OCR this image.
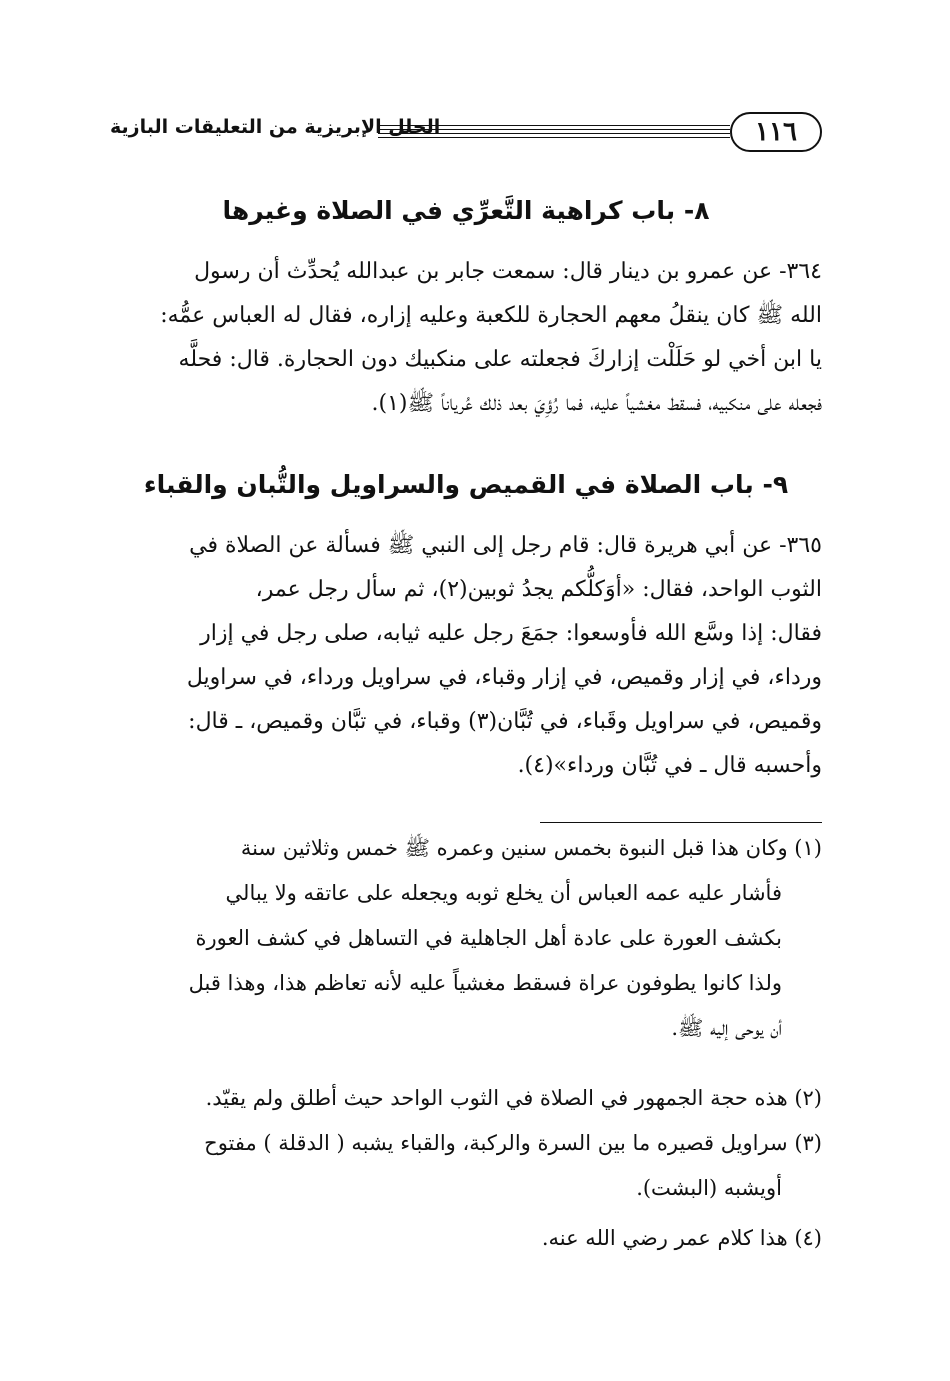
١١٦
الحلل الإبريزية من التعليقات البازية
٨- باب كراهية التَّعرِّي في الصلاة وغيرها
٣٦٤- عن عمرو بن دينار قال: سمعت جابر بن عبدالله يُحدِّث أن رسول
الله ﷺ كان ينقلُ معهم الحجارة للكعبة وعليه إزاره، فقال له العباس عمُّه:
يا ابن أخي لو حَلَلْت إزاركَ فجعلته على منكبيك دون الحجارة. قال: فحلَّه
فجعله على منكبيه، فسقط مغشياً عليه، فما رُؤِيَ بعد ذلك عُرياناً ﷺ(١).
٩- باب الصلاة في القميص والسراويل والتُّبان والقباء
٣٦٥- عن أبي هريرة قال: قام رجل إلى النبي ﷺ فسألة عن الصلاة في
الثوب الواحد، فقال: «أوَكلُّكم يجدُ ثوبين(٢)، ثم سأل رجل عمر،
فقال: إذا وسَّع الله فأوسعوا: جمَعَ رجل عليه ثيابه، صلى رجل في إزار
ورداء، في إزار وقميص، في إزار وقباء، في سراويل ورداء، في سراويل
وقميص، في سراويل وقَباء، في تُبَّان(٣) وقباء، في تبَّان وقميص، ـ قال:
وأحسبه قال ـ في تُبَّان ورداء»(٤).
(١) وكان هذا قبل النبوة بخمس سنين وعمره ﷺ خمس وثلاثين سنة
فأشار عليه عمه العباس أن يخلع ثوبه ويجعله على عاتقه ولا يبالي
بكشف العورة على عادة أهل الجاهلية في التساهل في كشف العورة
ولذا كانوا يطوفون عراة فسقط مغشياً عليه لأنه تعاظم هذا، وهذا قبل
أن يوحى إليه ﷺ.
(٢) هذه حجة الجمهور في الصلاة في الثوب الواحد حيث أطلق ولم يقيّد.
(٣) سراويل قصيره ما بين السرة والركبة، والقباء يشبه ( الدقلة ) مفتوح
أويشبه (البشت).
(٤) هذا كلام عمر رضي الله عنه.
